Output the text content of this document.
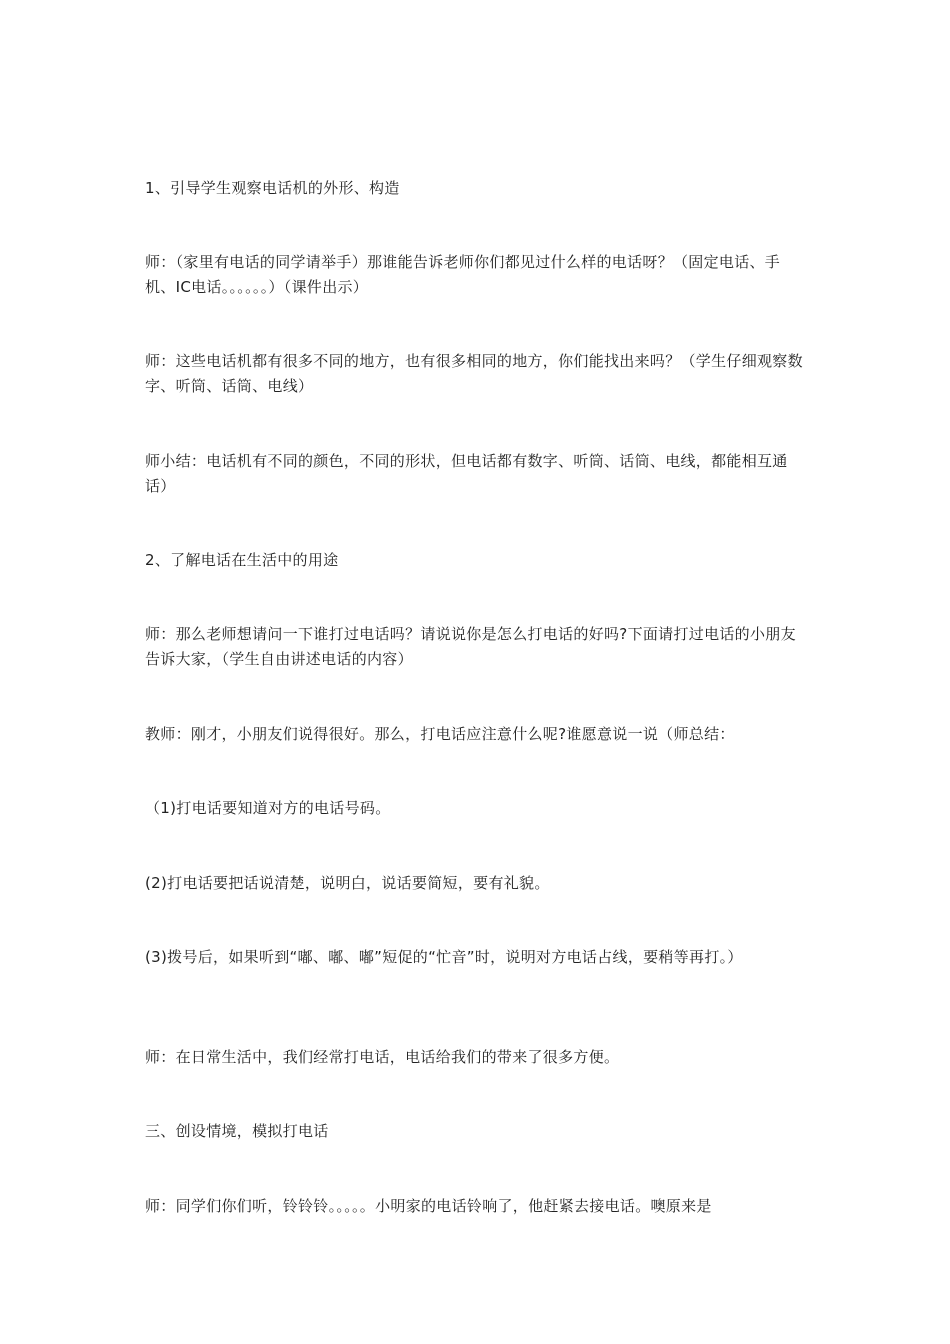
1、引导学生观察电话机的外形、构造

师：（家里有电话的同学请举手）那谁能告诉老师你们都见过什么样的电话呀？（固定电话、手机、IC电话。。。。。。）（课件出示）

师：这些电话机都有很多不同的地方，也有很多相同的地方，你们能找出来吗？（学生仔细观察数字、听筒、话筒、电线）

师小结：电话机有不同的颜色，不同的形状，但电话都有数字、听筒、话筒、电线，都能相互通话）

2、了解电话在生活中的用途

师：那么老师想请问一下谁打过电话吗？请说说你是怎么打电话的好吗?下面请打过电话的小朋友告诉大家，（学生自由讲述电话的内容）

教师：刚才，小朋友们说得很好。那么，打电话应注意什么呢?谁愿意说一说（师总结：

（1)打电话要知道对方的电话号码。

(2)打电话要把话说清楚，说明白，说话要简短，要有礼貌。

(3)拨号后，如果听到“嘟、嘟、嘟”短促的“忙音”时，说明对方电话占线，要稍等再打。）

师：在日常生活中，我们经常打电话，电话给我们的带来了很多方便。

三、创设情境，模拟打电话

师：同学们你们听，铃铃铃。。。。。小明家的电话铃响了，他赶紧去接电话。噢原来是
